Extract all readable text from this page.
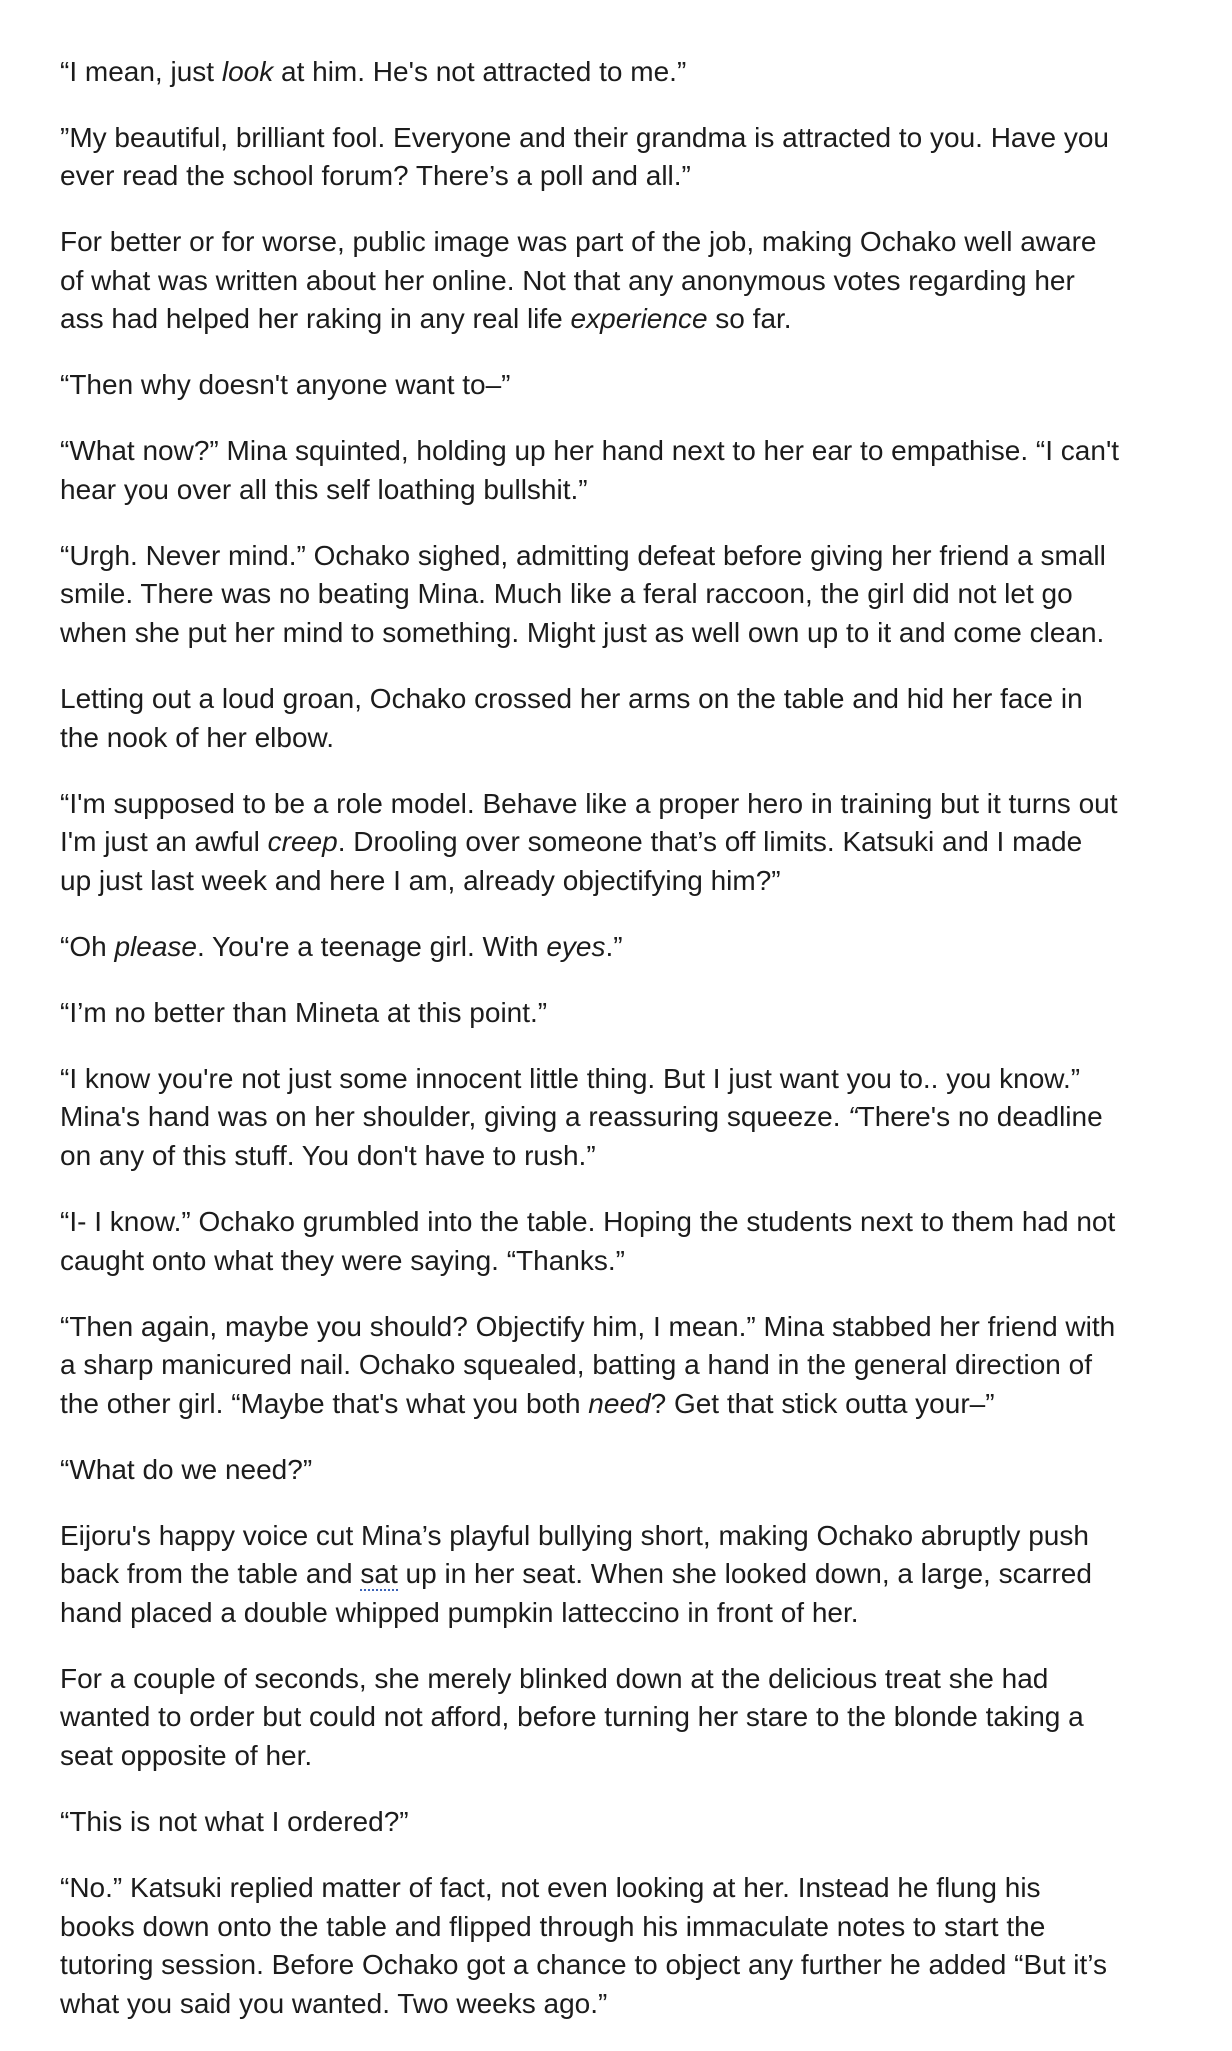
“I mean, just look at him. He's not attracted to me.”

”My beautiful, brilliant fool. Everyone and their grandma is attracted to you. Have you
ever read the school forum? There’s a poll and all.”

For better or for worse, public image was part of the job, making Ochako well aware
of what was written about her online. Not that any anonymous votes regarding her
ass had helped her raking in any real life experience so far.

“Then why doesn't anyone want to–”

“What now?” Mina squinted, holding up her hand next to her ear to empathise. “I can't
hear you over all this self loathing bullshit.”

“Urgh. Never mind.” Ochako sighed, admitting defeat before giving her friend a small
smile. There was no beating Mina. Much like a feral raccoon, the girl did not let go
when she put her mind to something. Might just as well own up to it and come clean.

Letting out a loud groan, Ochako crossed her arms on the table and hid her face in
the nook of her elbow.

“I'm supposed to be a role model. Behave like a proper hero in training but it turns out
I'm just an awful creep. Drooling over someone that’s off limits. Katsuki and I made
up just last week and here I am, already objectifying him?”

“Oh please. You're a teenage girl. With eyes.”

“I’m no better than Mineta at this point.”

“I know you're not just some innocent little thing. But I just want you to.. you know.”
Mina's hand was on her shoulder, giving a reassuring squeeze. “There's no deadline
on any of this stuff. You don't have to rush.”

“I- I know.” Ochako grumbled into the table. Hoping the students next to them had not
caught onto what they were saying. “Thanks.”

“Then again, maybe you should? Objectify him, I mean.” Mina stabbed her friend with
a sharp manicured nail. Ochako squealed, batting a hand in the general direction of
the other girl. “Maybe that's what you both need? Get that stick outta your–”

“What do we need?”

Eijoru's happy voice cut Mina’s playful bullying short, making Ochako abruptly push
back from the table and sat up in her seat. When she looked down, a large, scarred
hand placed a double whipped pumpkin latteccino in front of her.

For a couple of seconds, she merely blinked down at the delicious treat she had
wanted to order but could not afford, before turning her stare to the blonde taking a
seat opposite of her.

“This is not what I ordered?”

“No.” Katsuki replied matter of fact, not even looking at her. Instead he flung his
books down onto the table and flipped through his immaculate notes to start the
tutoring session. Before Ochako got a chance to object any further he added “But it’s
what you said you wanted. Two weeks ago.”
